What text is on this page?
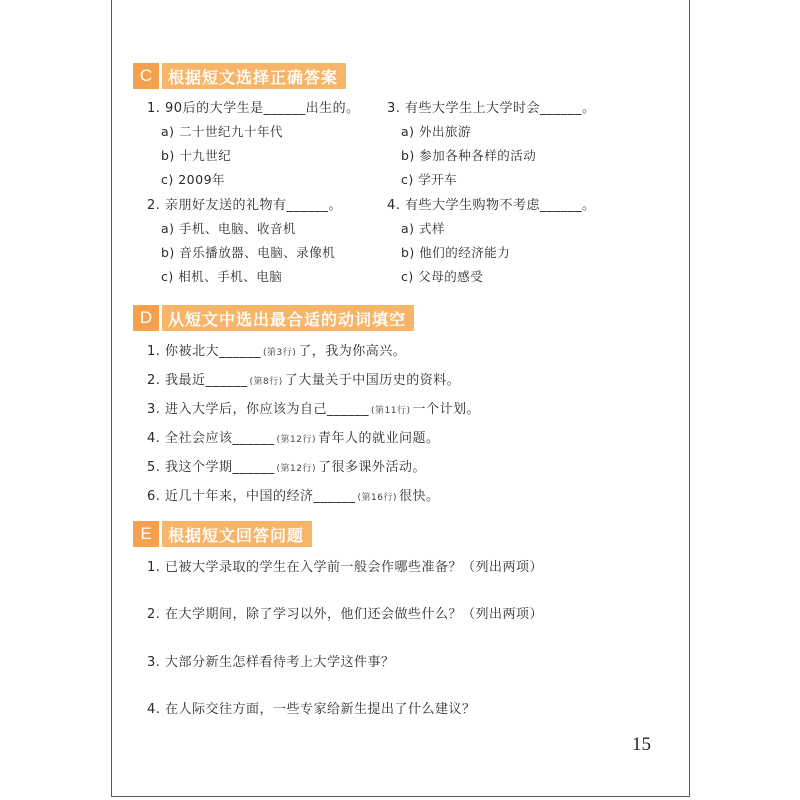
C 根据短文选择正确答案
1. 90后的大学生是______出生的。
a) 二十世纪九十年代
b) 十九世纪
c) 2009年
2. 亲朋好友送的礼物有______。
a) 手机、电脑、收音机
b) 音乐播放器、电脑、录像机
c) 相机、手机、电脑
3. 有些大学生上大学时会______。
a) 外出旅游
b) 参加各种各样的活动
c) 学开车
4. 有些大学生购物不考虑______。
a) 式样
b) 他们的经济能力
c) 父母的感受
D 从短文中选出最合适的动词填空
1. 你被北大______ (第3行) 了，我为你高兴。
2. 我最近______ (第8行) 了大量关于中国历史的资料。
3. 进入大学后，你应该为自己______ (第11行) 一个计划。
4. 全社会应该______ (第12行) 青年人的就业问题。
5. 我这个学期______ (第12行) 了很多课外活动。
6. 近几十年来，中国的经济______ (第16行) 很快。
E	根据短文回答问题
1. 已被大学录取的学生在入学前一般会作哪些准备？（列出两项）
2. 在大学期间，除了学习以外，他们还会做些什么？（列出两项）
3. 大部分新生怎样看待考上大学这件事？
4. 在人际交往方面，一些专家给新生提出了什么建议？
15
